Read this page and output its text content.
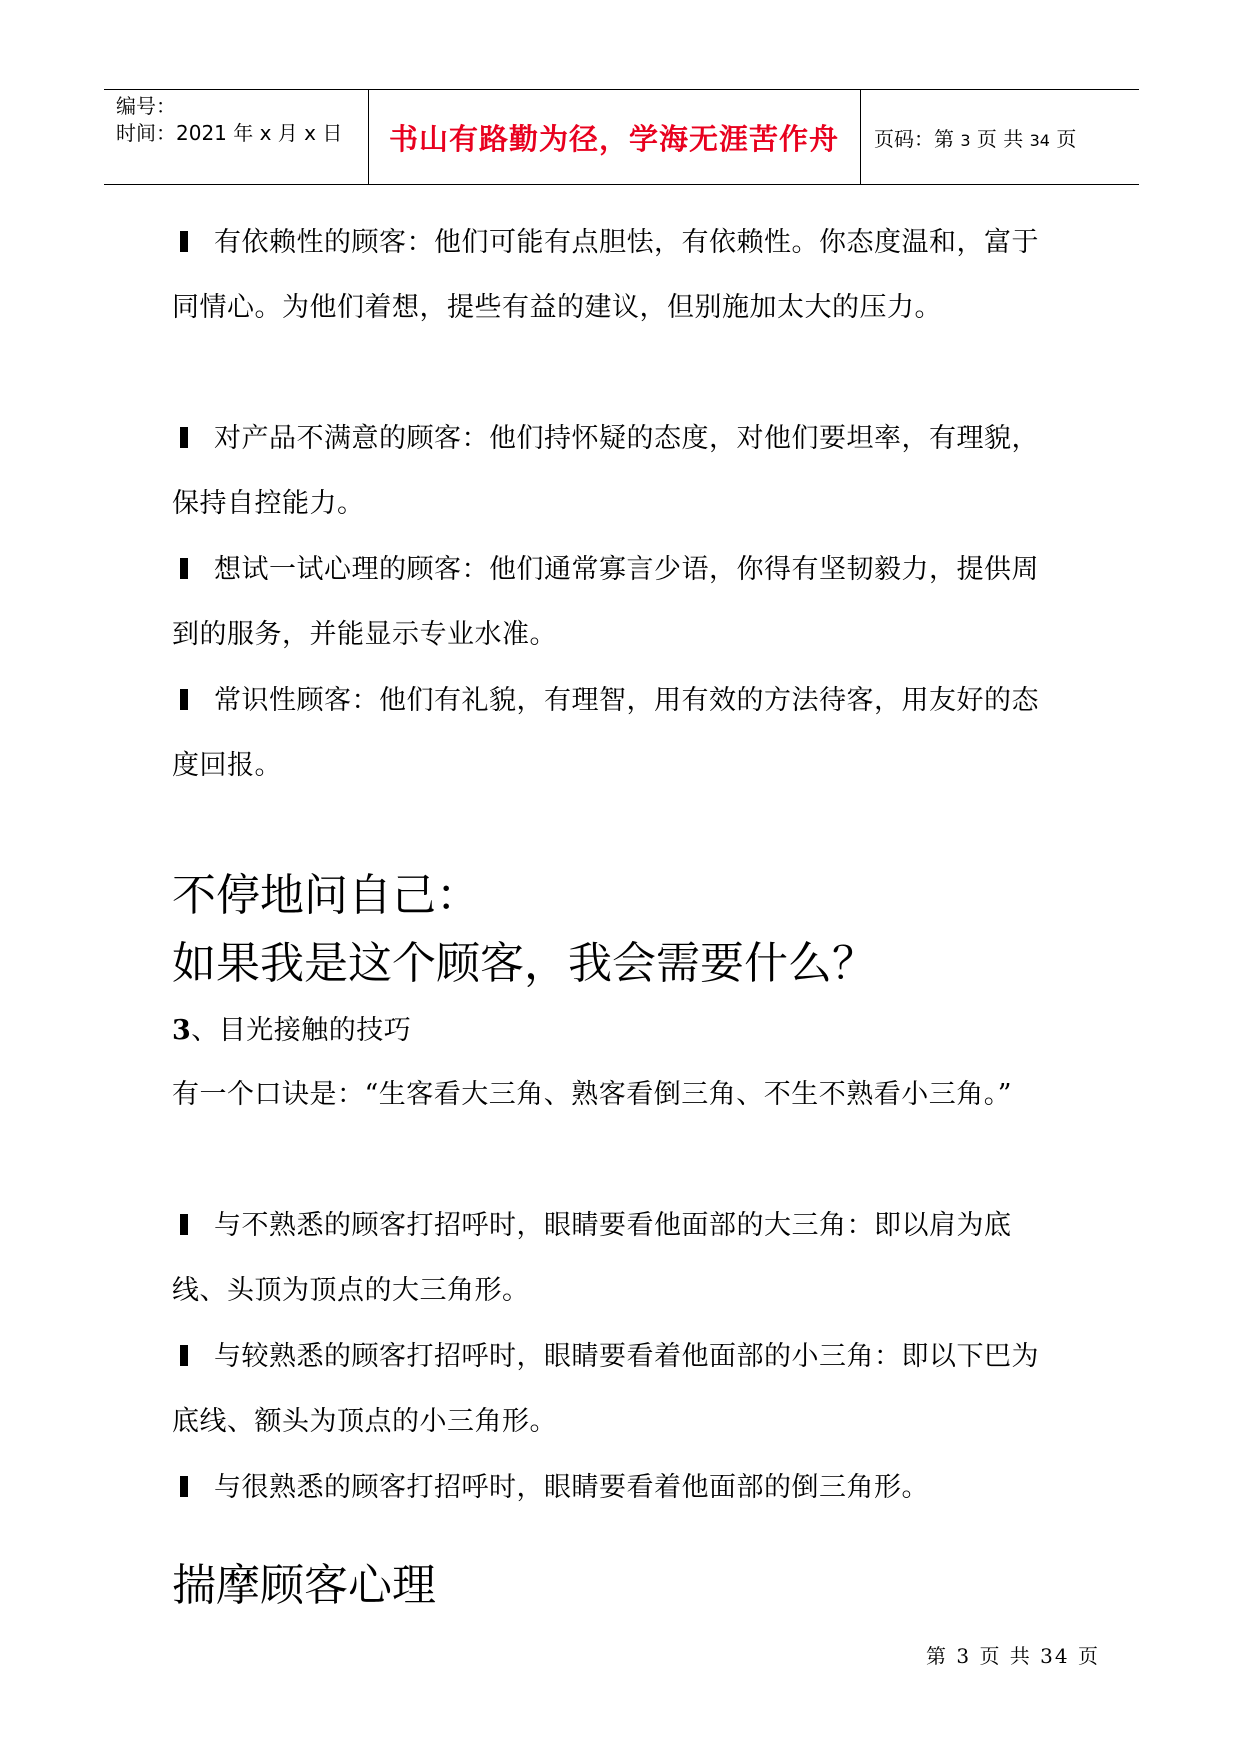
编号：
时间：2021 年 x 月 x 日 书山有路勤为径，学海无涯苦作舟 页码：第 3 页 共 34 页
有依赖性的顾客：他们可能有点胆怯，有依赖性。你态度温和，富于同情心。为他们着想，提些有益的建议，但别施加太大的压力。
对产品不满意的顾客：他们持怀疑的态度，对他们要坦率，有理貌，保持自控能力。
想试一试心理的顾客：他们通常寡言少语，你得有坚韧毅力，提供周到的服务，并能显示专业水准。
常识性顾客：他们有礼貌，有理智，用有效的方法待客，用友好的态度回报。
不停地问自己：
如果我是这个顾客，我会需要什么？
3、目光接触的技巧
有一个口诀是：“生客看大三角、熟客看倒三角、不生不熟看小三角。”
与不熟悉的顾客打招呼时，眼睛要看他面部的大三角：即以肩为底线、头顶为顶点的大三角形。
与较熟悉的顾客打招呼时，眼睛要看着他面部的小三角：即以下巴为底线、额头为顶点的小三角形。
与很熟悉的顾客打招呼时，眼睛要看着他面部的倒三角形。
揣摩顾客心理
第 3 页 共 34 页
